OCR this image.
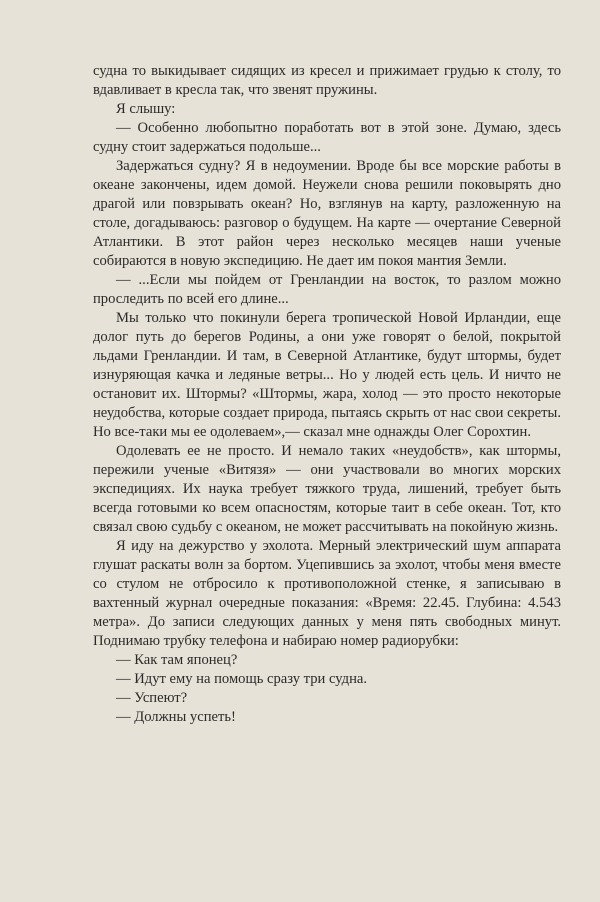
судна то выкидывает сидящих из кресел и прижимает грудью к столу, то вдавливает в кресла так, что звенят пружины.

Я слышу:

— Особенно любопытно поработать вот в этой зоне. Думаю, здесь судну стоит задержаться подольше...

Задержаться судну? Я в недоумении. Вроде бы все морские работы в океане закончены, идем домой. Неужели снова решили поковырять дно драгой или повзрывать океан? Но, взглянув на карту, разложенную на столе, догадываюсь: разговор о будущем. На карте — очертание Северной Атлантики. В этот район через несколько месяцев наши ученые собираются в новую экспедицию. Не дает им покоя мантия Земли.

— ...Если мы пойдем от Гренландии на восток, то разлом можно проследить по всей его длине...

Мы только что покинули берега тропической Новой Ирландии, еще долог путь до берегов Родины, а они уже говорят о белой, покрытой льдами Гренландии. И там, в Северной Атлантике, будут штормы, будет изнуряющая качка и ледяные ветры... Но у людей есть цель. И ничто не остановит их. Штормы? «Штормы, жара, холод — это просто некоторые неудобства, которые создает природа, пытаясь скрыть от нас свои секреты. Но все-таки мы ее одолеваем»,— сказал мне однажды Олег Сорохтин.

Одолевать ее не просто. И немало таких «неудобств», как штормы, пережили ученые «Витязя» — они участвовали во многих морских экспедициях. Их наука требует тяжкого труда, лишений, требует быть всегда готовыми ко всем опасностям, которые таит в себе океан. Тот, кто связал свою судьбу с океаном, не может рассчитывать на покойную жизнь.

Я иду на дежурство у эхолота. Мерный электрический шум аппарата глушат раскаты волн за бортом. Уцепившись за эхолот, чтобы меня вместе со стулом не отбросило к противоположной стенке, я записываю в вахтенный журнал очередные показания: «Время: 22.45. Глубина: 4.543 метра». До записи следующих данных у меня пять свободных минут. Поднимаю трубку телефона и набираю номер радиорубки:

— Как там японец?

— Идут ему на помощь сразу три судна.

— Успеют?

— Должны успеть!
